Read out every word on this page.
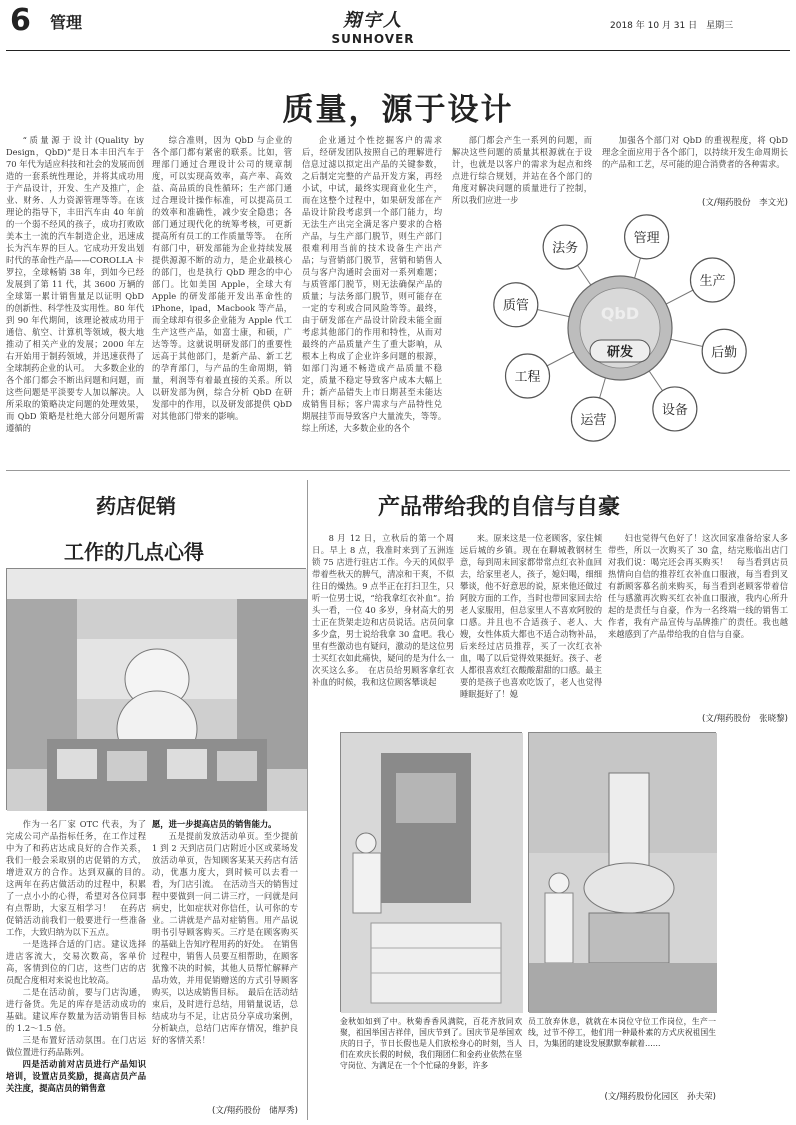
6 管理	翔宇人
SUNHOVER
2018 年 10 月 31 日　星期三
质量，源于设计

“质量源于设计(Quality by Design，QbD)”是日本丰田汽车于 70 年代为适应科技和社会的发展而创造的一套系统性理论，并将其成功用于产品设计，开发、生产及推广，企业、财务、人力资源管理等等。在该理论的指导下，丰田汽车由 40 年前的一个弱不经风的孩子，成功打败欧美本土一流的汽车制造企业，迅速成长为汽车界的巨人。它成功开发出划时代的革命性产品——COROLLA 卡罗拉，全球畅销 38 年，到如今已经发展到了第 11 代，其 3600 万辆的全球第一累计销售量足以证明 QbD 的创新性、科学性及实用性。80 年代到 90 年代期间，该理论被成功用于通信、航空、计算机等领域，极大地推动了相关产业的发展；2000 年左右开始用于制药领域，并迅速获得了全球制药企业的认可。　大多数企业的各个部门都会不断出问题和问题，而这些问题是平淡要专人加以解决。人所采取的策略决定问题的处理效果，而 QbD 策略是杜绝大部分问题所需遵循的

综合准则，因为 QbD 与企业的各个部门都有紧密的联系。比如，管理部门通过合理设计公司的规章制度，可以实现高效率，高产率、高效益、高品质的良性循环；生产部门通过合理设计操作标准，可以提高员工的效率和准确性，减少安全隐患；各部门通过现代化的统筹考核，可更新提高所有员工的工作质量等等。　在所有部门中，研发部能为企业持续发展提供源源不断的动力，是企业最核心的部门，也是执行 QbD 理念的中心部门。比如美国 Apple，全球大有 Apple 的研发部能开发出革命性的 iPhone，ipad，Macbook 等产品，而全球却有很多企业能为 Apple 代工生产这些产品，如富士康，和硕，广达等等。这就说明研发部门的重要性远高于其他部门，是新产品、新工艺的孕育部门，与产品的生命周期，销量，利润等有着最直接的关系。所以以研发部为例，综合分析 QbD 在研发部中的作用，以及研发部提供 QbD 对其他部门带来的影响。

企业通过个性挖掘客户的需求后，经研发团队按照自己的理解进行信息过滤以拟定出产品的关键参数，之后制定完整的产品开发方案，再经小试，中试，最终实现商业化生产，而在这整个过程中，如果研发部在产品设计阶段考虑到一个部门能力，均无法生产出完全满足客户要求的合格产品，与生产部门脱节，则生产部门很难利用当前的技术设备生产出产品；与营销部门脱节，营销和销售人员与客户沟通时会面对一系列难题；与质管部门脱节，则无法确保产品的质量；与法务部门脱节，则可能存在一定的专利或合同风险等等。最终，由于研发部在产品设计阶段未能全面考虑其他部门的作用和特性，从而对最终的产品质量产生了重大影响，从根本上构成了企业许多问题的根源，如部门沟通不畅造成产品质量不稳定，质量不稳定导致客户成本大幅上升；新产品错失上市日期甚至未能达成销售目标；客户需求与产品特性兑期展挂节而导致客户大量流失，等等。　综上所述，大多数企业的各个

部门都会产生一系列的问题，而解决这些问题的质量其根源就在于设计，也就是以客户的需求为起点和终点进行综合规划，并站在各个部门的角度对解决问题的质量进行了控制，所以我们应进一步

加强各个部门对 QbD 的重视程度，将 QbD 理念全面应用于各个部门，以持续开发生命周期长的产品和工艺，尽可能的迎合消费者的各种需求。

(文/翔药股份　李文光)
QbD
研发
管理
生产
后勤
设备
运营
工程
质管
法务
药店促销
工作的几点心得

作为一名厂家 OTC 代表，为了完成公司产品指标任务，在工作过程中为了和药店达成良好的合作关系，我们一般会采取别的店促销的方式，增进双方的合作。达到双赢的目的。　这两年在药店做活动的过程中，积累了一点小小的心得，希望对各位同事有点帮助，大家互相学习！　在药店促销活动前我们一般要进行一些准备工作，大致归纳为以下五点。

一是选择合适的门店。建议选择进店客流大，交易次数高，客单价高，客情到位的门店，这些门店的店员配合度相对来说也比较高。

二是在活动前，要与门店沟通，进行备货。先足的库存是活动成功的基础。建议库存数量为活动销售目标的 1.2～1.5 倍。

三是布置好活动氛围。在门店运做位置进行药品陈列。

四是活动前对店员进行产品知识培训，设置店员奖励，提高店员产品关注度，提高店员的销售意

愿，进一步提高店员的销售能力。

五是提前发放活动单页。至少提前 1 到 2 天到店员门店附近小区或菜场发放活动单页，告知顾客某某天药店有活动，优惠力度大，到时候可以去看一看，为门店引流。　在活动当天的销售过程中要做到一问二讲三疗，一问就是问病史，比如症状对你信任，认可你的专业。二讲就是产品对症销售。用产品说明书引导顾客购买。三疗是在顾客购买的基础上告知疗程用药的好处。　在销售过程中，销售人员要互相帮助，在顾客犹豫不决的时候，其他人员帮忙解释产品功效，并用促销赠送的方式引导顾客购买，以达成销售目标。　最后在活动结束后，及时进行总结，用销量说话，总结成功与不足，让店员分享成功案例，分析缺点，总结门店库存情况，维护良好的客情关系！

(文/翔药股份　储厚秀)
产品带给我的自信与自豪

8 月 12 日，立秋后的第一个周日。早上 8 点，我准时来到了五洲连锁 75 店进行驻店工作。今天的风似乎带着些秋天的脾气，清凉和干爽，不似往日的燥热。9 点半正在打扫卫生，只听一位男士说，“给我拿红衣补血”。抬头一看，一位 40 多岁，身材高大的男士正在货架走边和店员说话。店员问拿多少盒，男士说给我拿 30 盒吧。我心里有些激动也有疑问，激动的是这位男士买红衣如此痛快，疑问的是为什么一次买这么多。　在店员给男顾客拿红衣补血的时候，我和这位顾客攀谈起

来。原来这是一位老顾客，家住倾远后城的乡镇。现在在聊城教钢材生意，每到周末回家都带常点红衣补血回去，给家里老人，孩子，媳妇喝，细细攀谈，他不好意思的说，原来他还做过阿胶方面的工作，当时也带回家回去给老人家服用，但总家里人不喜欢阿胶的口感。并且也不合适孩子、老人、大嫂，女性体质大都也不适合动物补品，后来经过店员推荐，买了一次红衣补血，喝了以后觉得效果挺好。孩子、老人都很喜欢红衣酸酸甜甜的口感。最主要的是孩子也喜欢吃饭了，老人也觉得睡眠挺好了！媳

妇也觉得气色好了！这次回家准备给家人多带些，所以一次购买了 30 盒，结完账临出店门对我们说：喝完还会再买购买！　每当看到店员热情向自信的推荐红衣补血口服液，每当看到叉有新顾客慕名前来购买，每当看到老顾客带着信任与感激再次购买红衣补血口服液，我内心所升起的是责任与自豪，作为一名终端一线的销售工作者，我有产品宣传与品牌推广的责任。我也越来越感到了产品带给我的自信与自豪。

(文/翔药股份　张晓黎)
金秋如如到了中。秋菊香香风满院，百花齐放同欢聚，祖国举国吉祥伴，国庆节到了。国庆节是举国欢庆的日子，节日长假也是人们放松身心的时刻，当人们在欢庆长假的时候，我们翔团仁和金药业依然在坚守岗位、为满足在一个个忙碌的身影，许多
员工放弃休息，就就在本岗位守位工作岗位，生产一线，过节不停工，他们用一种最朴素的方式庆祝祖国生日，为集团的建设发展默默奉献着……
(文/翔药股份化园区　孙夫荣)
